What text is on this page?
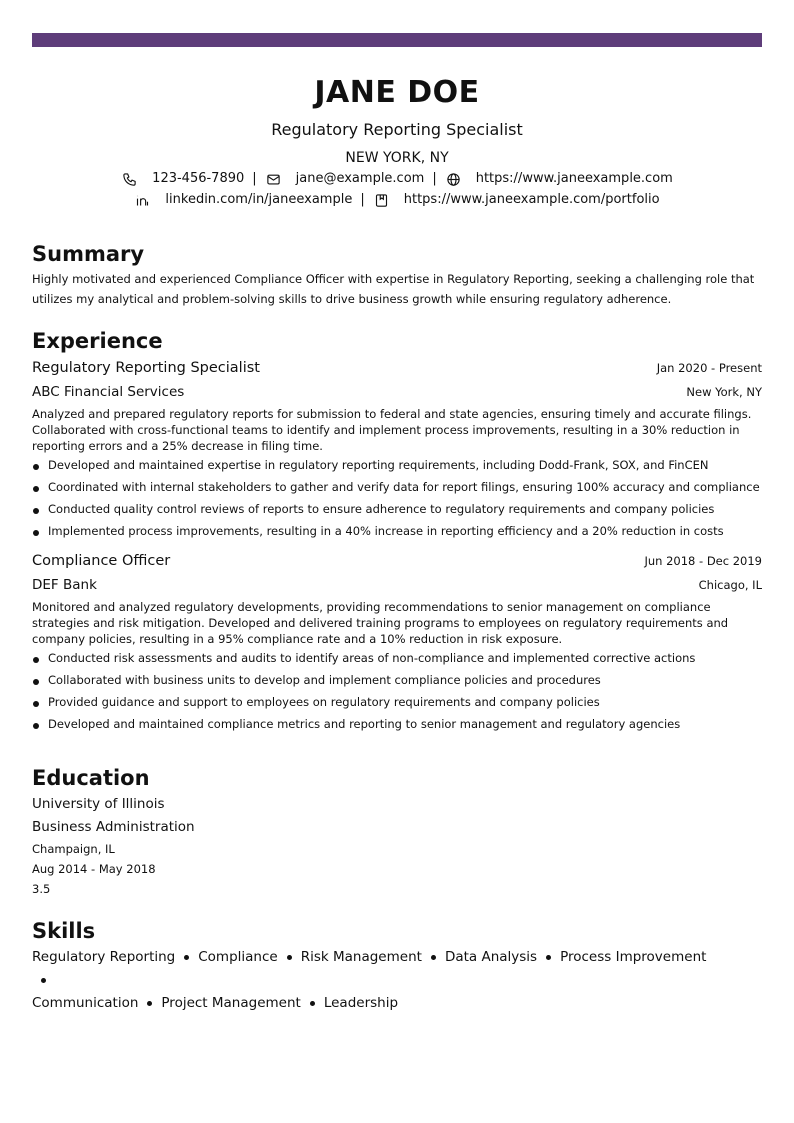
JANE DOE
Regulatory Reporting Specialist
NEW YORK, NY
123-456-7890 |	jane@example.com |	https://www.janeexample.com
linkedin.com/in/janeexample |	https://www.janeexample.com/portfolio
Summary
Highly motivated and experienced Compliance Officer with expertise in Regulatory Reporting, seeking a challenging role that utilizes my analytical and problem-solving skills to drive business growth while ensuring regulatory adherence.
Experience
Regulatory Reporting Specialist	Jan 2020 - Present
ABC Financial Services	New York, NY
Analyzed and prepared regulatory reports for submission to federal and state agencies, ensuring timely and accurate filings. Collaborated with cross-functional teams to identify and implement process improvements, resulting in a 30% reduction in reporting errors and a 25% decrease in filing time.
Developed and maintained expertise in regulatory reporting requirements, including Dodd-Frank, SOX, and FinCEN
Coordinated with internal stakeholders to gather and verify data for report filings, ensuring 100% accuracy and compliance
Conducted quality control reviews of reports to ensure adherence to regulatory requirements and company policies
Implemented process improvements, resulting in a 40% increase in reporting efficiency and a 20% reduction in costs
Compliance Officer	Jun 2018 - Dec 2019
DEF Bank	Chicago, IL
Monitored and analyzed regulatory developments, providing recommendations to senior management on compliance strategies and risk mitigation. Developed and delivered training programs to employees on regulatory requirements and company policies, resulting in a 95% compliance rate and a 10% reduction in risk exposure.
Conducted risk assessments and audits to identify areas of non-compliance and implemented corrective actions
Collaborated with business units to develop and implement compliance policies and procedures
Provided guidance and support to employees on regulatory requirements and company policies
Developed and maintained compliance metrics and reporting to senior management and regulatory agencies
Education
University of Illinois
Business Administration
Champaign, IL
Aug 2014 - May 2018
3.5
Skills
Regulatory Reporting Compliance Risk Management Data Analysis Process Improvement
Communication Project Management Leadership
